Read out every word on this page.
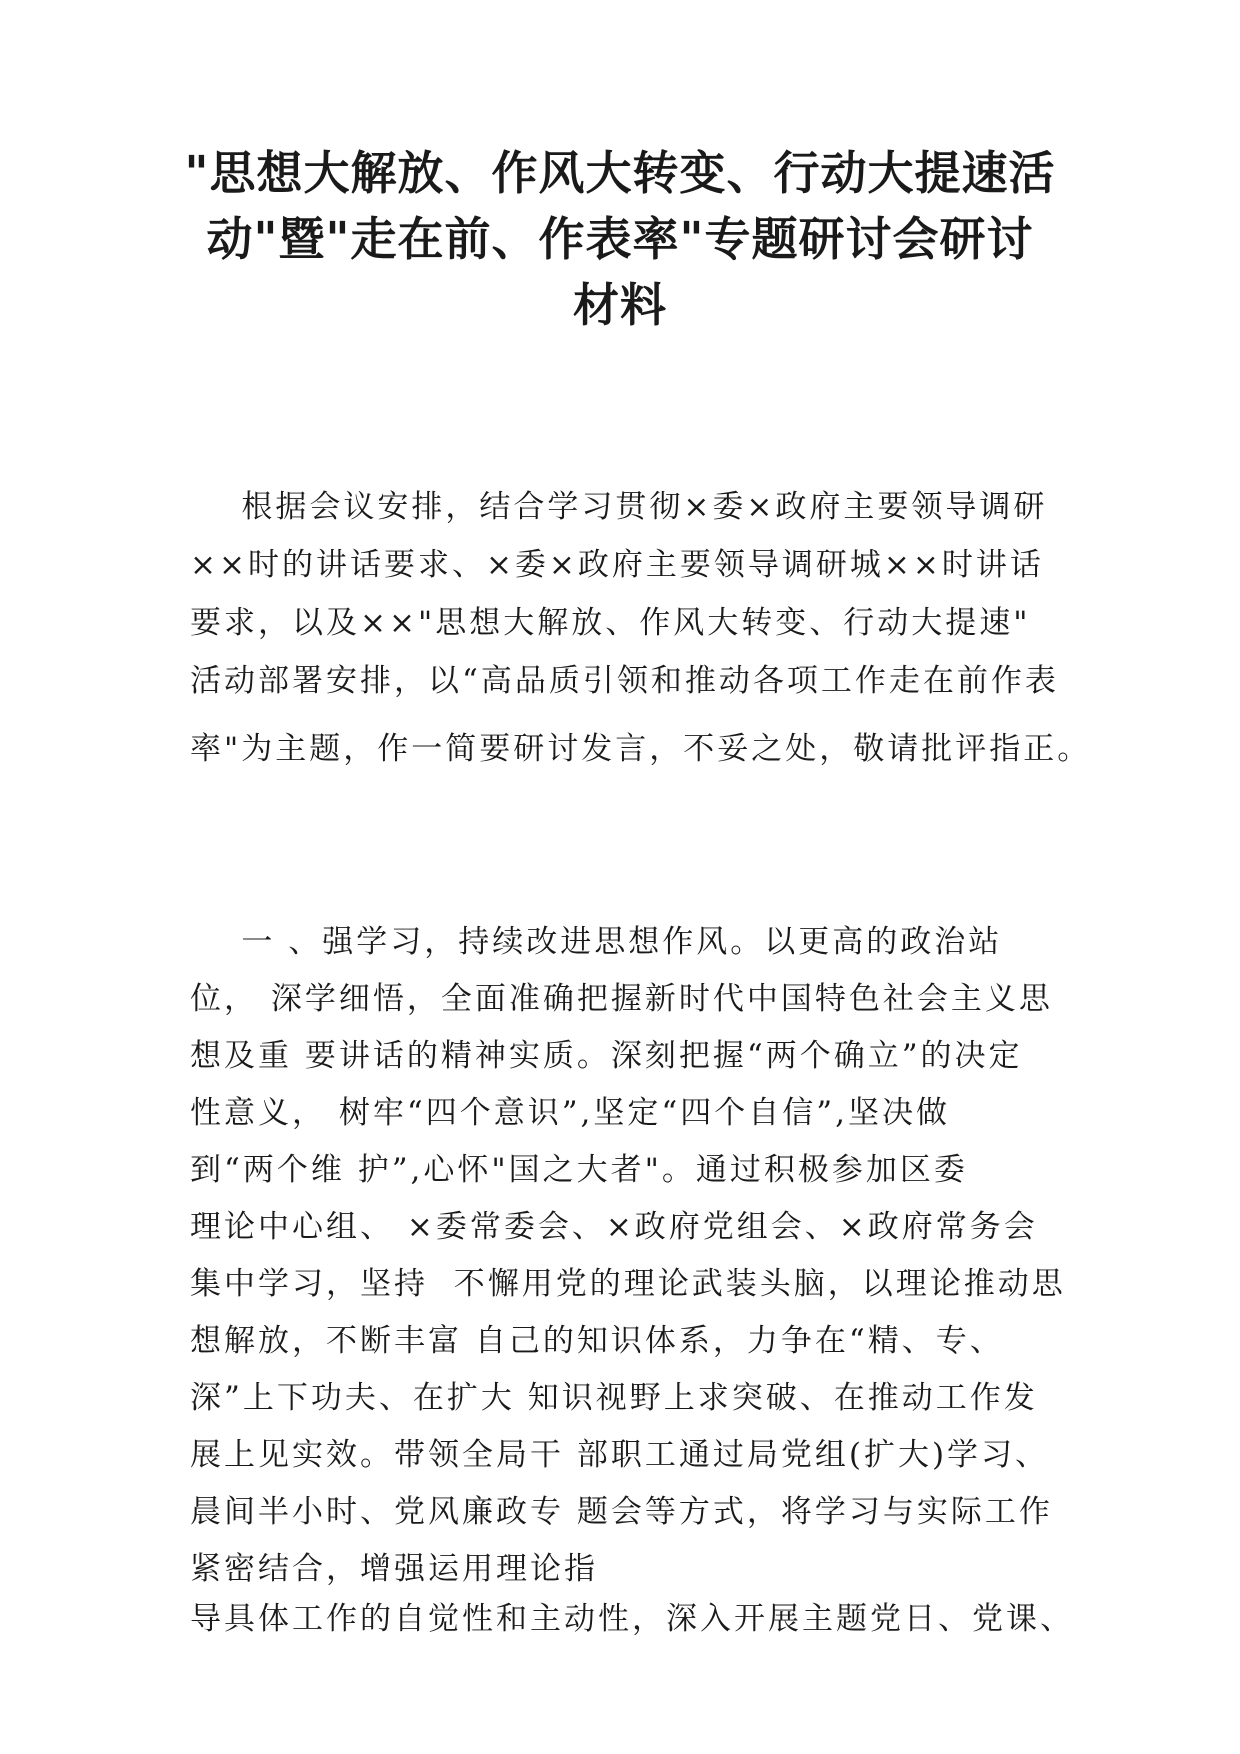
"思想大解放、作风大转变、行动大提速活
动"暨"走在前、作表率"专题研讨会研讨
材料
根据会议安排，结合学习贯彻×委×政府主要领导调研
××时的讲话要求、×委×政府主要领导调研城××时讲话
要求，以及××"思想大解放、作风大转变、行动大提速"
活动部署安排，以“高品质引领和推动各项工作走在前作表
率"为主题，作一简要研讨发言，不妥之处，敬请批评指正。
一 、强学习，持续改进思想作风。以更高的政治站
位， 深学细悟，全面准确把握新时代中国特色社会主义思
想及重 要讲话的精神实质。深刻把握“两个确立”的决定
性意义， 树牢“四个意识”,坚定“四个自信”,坚决做
到“两个维 护”,心怀"国之大者"。通过积极参加区委
理论中心组、 ×委常委会、×政府党组会、×政府常务会
集中学习，坚持  不懈用党的理论武装头脑，以理论推动思
想解放，不断丰富 自己的知识体系，力争在“精、专、
深”上下功夫、在扩大 知识视野上求突破、在推动工作发
展上见实效。带领全局干 部职工通过局党组(扩大)学习、
晨间半小时、党风廉政专 题会等方式，将学习与实际工作
紧密结合，增强运用理论指
导具体工作的自觉性和主动性，深入开展主题党日、党课、
